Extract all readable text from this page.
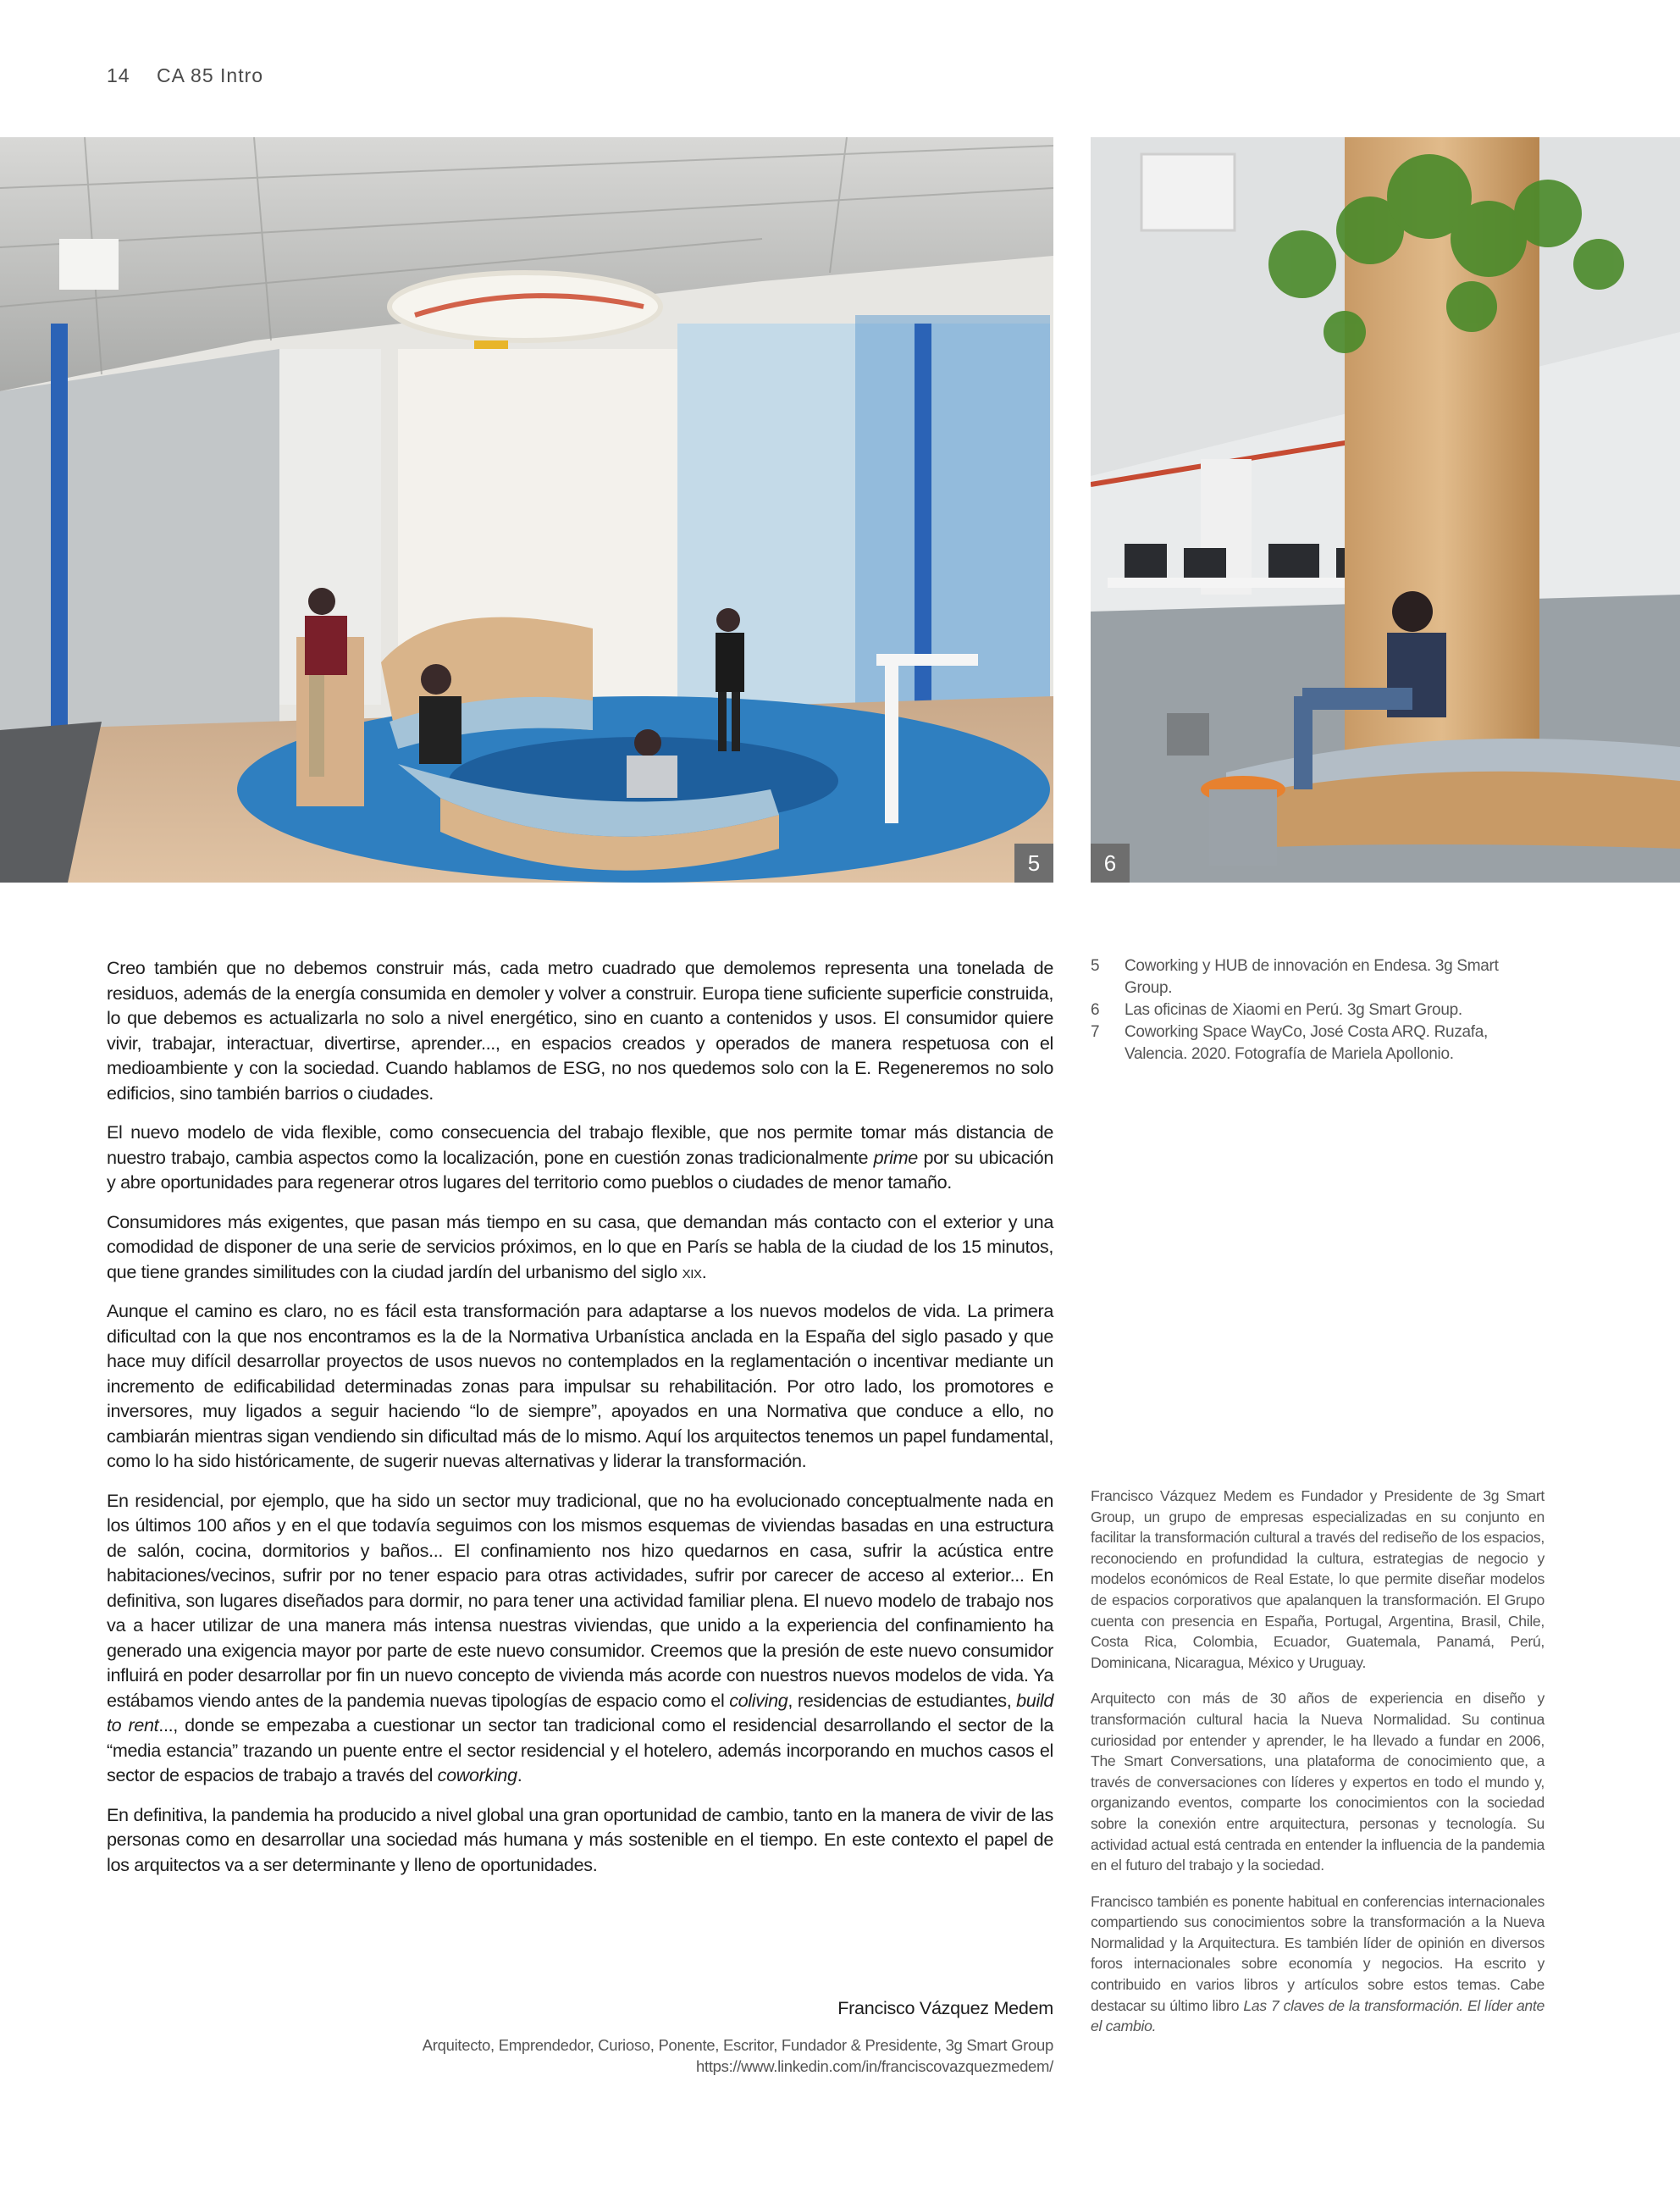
14 CA 85 Intro
5	6

Creo también que no debemos construir más, cada metro cuadrado que demolemos representa una tonelada de residuos, además de la energía consumida en demoler y volver a construir. Europa tiene suficiente superficie construida, lo que debemos es actualizarla no solo a nivel energético, sino en cuanto a contenidos y usos. El consumidor quiere vivir, trabajar, interactuar, divertirse, aprender..., en espacios creados y operados de manera respetuosa con el medioambiente y con la sociedad. Cuando hablamos de ESG, no nos quedemos solo con la E. Regeneremos no solo edificios, sino también barrios o ciudades.

El nuevo modelo de vida flexible, como consecuencia del trabajo flexible, que nos permite tomar más distancia de nuestro trabajo, cambia aspectos como la localización, pone en cuestión zonas tradicionalmente prime por su ubicación y abre oportunidades para regenerar otros lugares del territorio como pueblos o ciudades de menor tamaño.

Consumidores más exigentes, que pasan más tiempo en su casa, que demandan más contacto con el exterior y una comodidad de disponer de una serie de servicios próximos, en lo que en París se habla de la ciudad de los 15 minutos, que tiene grandes similitudes con la ciudad jardín del urbanismo del siglo xix.

Aunque el camino es claro, no es fácil esta transformación para adaptarse a los nuevos modelos de vida. La primera dificultad con la que nos encontramos es la de la Normativa Urbanística anclada en la España del siglo pasado y que hace muy difícil desarrollar proyectos de usos nuevos no contemplados en la reglamentación o incentivar mediante un incremento de edificabilidad determinadas zonas para impulsar su rehabilitación. Por otro lado, los promotores e inversores, muy ligados a seguir haciendo “lo de siempre”, apoyados en una Normativa que conduce a ello, no cambiarán mientras sigan vendiendo sin dificultad más de lo mismo. Aquí los arquitectos tenemos un papel fundamental, como lo ha sido históricamente, de sugerir nuevas alternativas y liderar la transformación.

En residencial, por ejemplo, que ha sido un sector muy tradicional, que no ha evolucionado conceptualmente nada en los últimos 100 años y en el que todavía seguimos con los mismos esquemas de viviendas basadas en una estructura de salón, cocina, dormitorios y baños... El confinamiento nos hizo quedarnos en casa, sufrir la acústica entre habitaciones/vecinos, sufrir por no tener espacio para otras actividades, sufrir por carecer de acceso al exterior... En definitiva, son lugares diseñados para dormir, no para tener una actividad familiar plena. El nuevo modelo de trabajo nos va a hacer utilizar de una manera más intensa nuestras viviendas, que unido a la experiencia del confinamiento ha generado una exigencia mayor por parte de este nuevo consumidor. Creemos que la presión de este nuevo consumidor influirá en poder desarrollar por fin un nuevo concepto de vivienda más acorde con nuestros nuevos modelos de vida. Ya estábamos viendo antes de la pandemia nuevas tipologías de espacio como el coliving, residencias de estudiantes, build to rent..., donde se empezaba a cuestionar un sector tan tradicional como el residencial desarrollando el sector de la “media estancia” trazando un puente entre el sector residencial y el hotelero, además incorporando en muchos casos el sector de espacios de trabajo a través del coworking.

En definitiva, la pandemia ha producido a nivel global una gran oportunidad de cambio, tanto en la manera de vivir de las personas como en desarrollar una sociedad más humana y más sostenible en el tiempo. En este contexto el papel de los arquitectos va a ser determinante y lleno de oportunidades.

Francisco Vázquez Medem
Arquitecto, Emprendedor, Curioso, Ponente, Escritor, Fundador & Presidente, 3g Smart Group
https://www.linkedin.com/in/franciscovazquezmedem/
5	Coworking y HUB de innovación en Endesa. 3g Smart Group.
6	Las oficinas de Xiaomi en Perú. 3g Smart Group.
7	Coworking Space WayCo, José Costa ARQ. Ruzafa, Valencia. 2020. Fotografía de Mariela Apollonio.

Francisco Vázquez Medem es Fundador y Presidente de 3g Smart Group, un grupo de empresas especializadas en su conjunto en facilitar la transformación cultural a través del rediseño de los espacios, reconociendo en profundidad la cultura, estrategias de negocio y modelos económicos de Real Estate, lo que permite diseñar modelos de espacios corporativos que apalanquen la transformación. El Grupo cuenta con presencia en España, Portugal, Argentina, Brasil, Chile, Costa Rica, Colombia, Ecuador, Guatemala, Panamá, Perú, Dominicana, Nicaragua, México y Uruguay.

Arquitecto con más de 30 años de experiencia en diseño y transformación cultural hacia la Nueva Normalidad. Su continua curiosidad por entender y aprender, le ha llevado a fundar en 2006, The Smart Conversations, una plataforma de conocimiento que, a través de conversaciones con líderes y expertos en todo el mundo y, organizando eventos, comparte los conocimientos con la sociedad sobre la conexión entre arquitectura, personas y tecnología. Su actividad actual está centrada en entender la influencia de la pandemia en el futuro del trabajo y la sociedad.

Francisco también es ponente habitual en conferencias internacionales compartiendo sus conocimientos sobre la transformación a la Nueva Normalidad y la Arquitectura. Es también líder de opinión en diversos foros internacionales sobre economía y negocios. Ha escrito y contribuido en varios libros y artículos sobre estos temas. Cabe destacar su último libro Las 7 claves de la transformación. El líder ante el cambio.
